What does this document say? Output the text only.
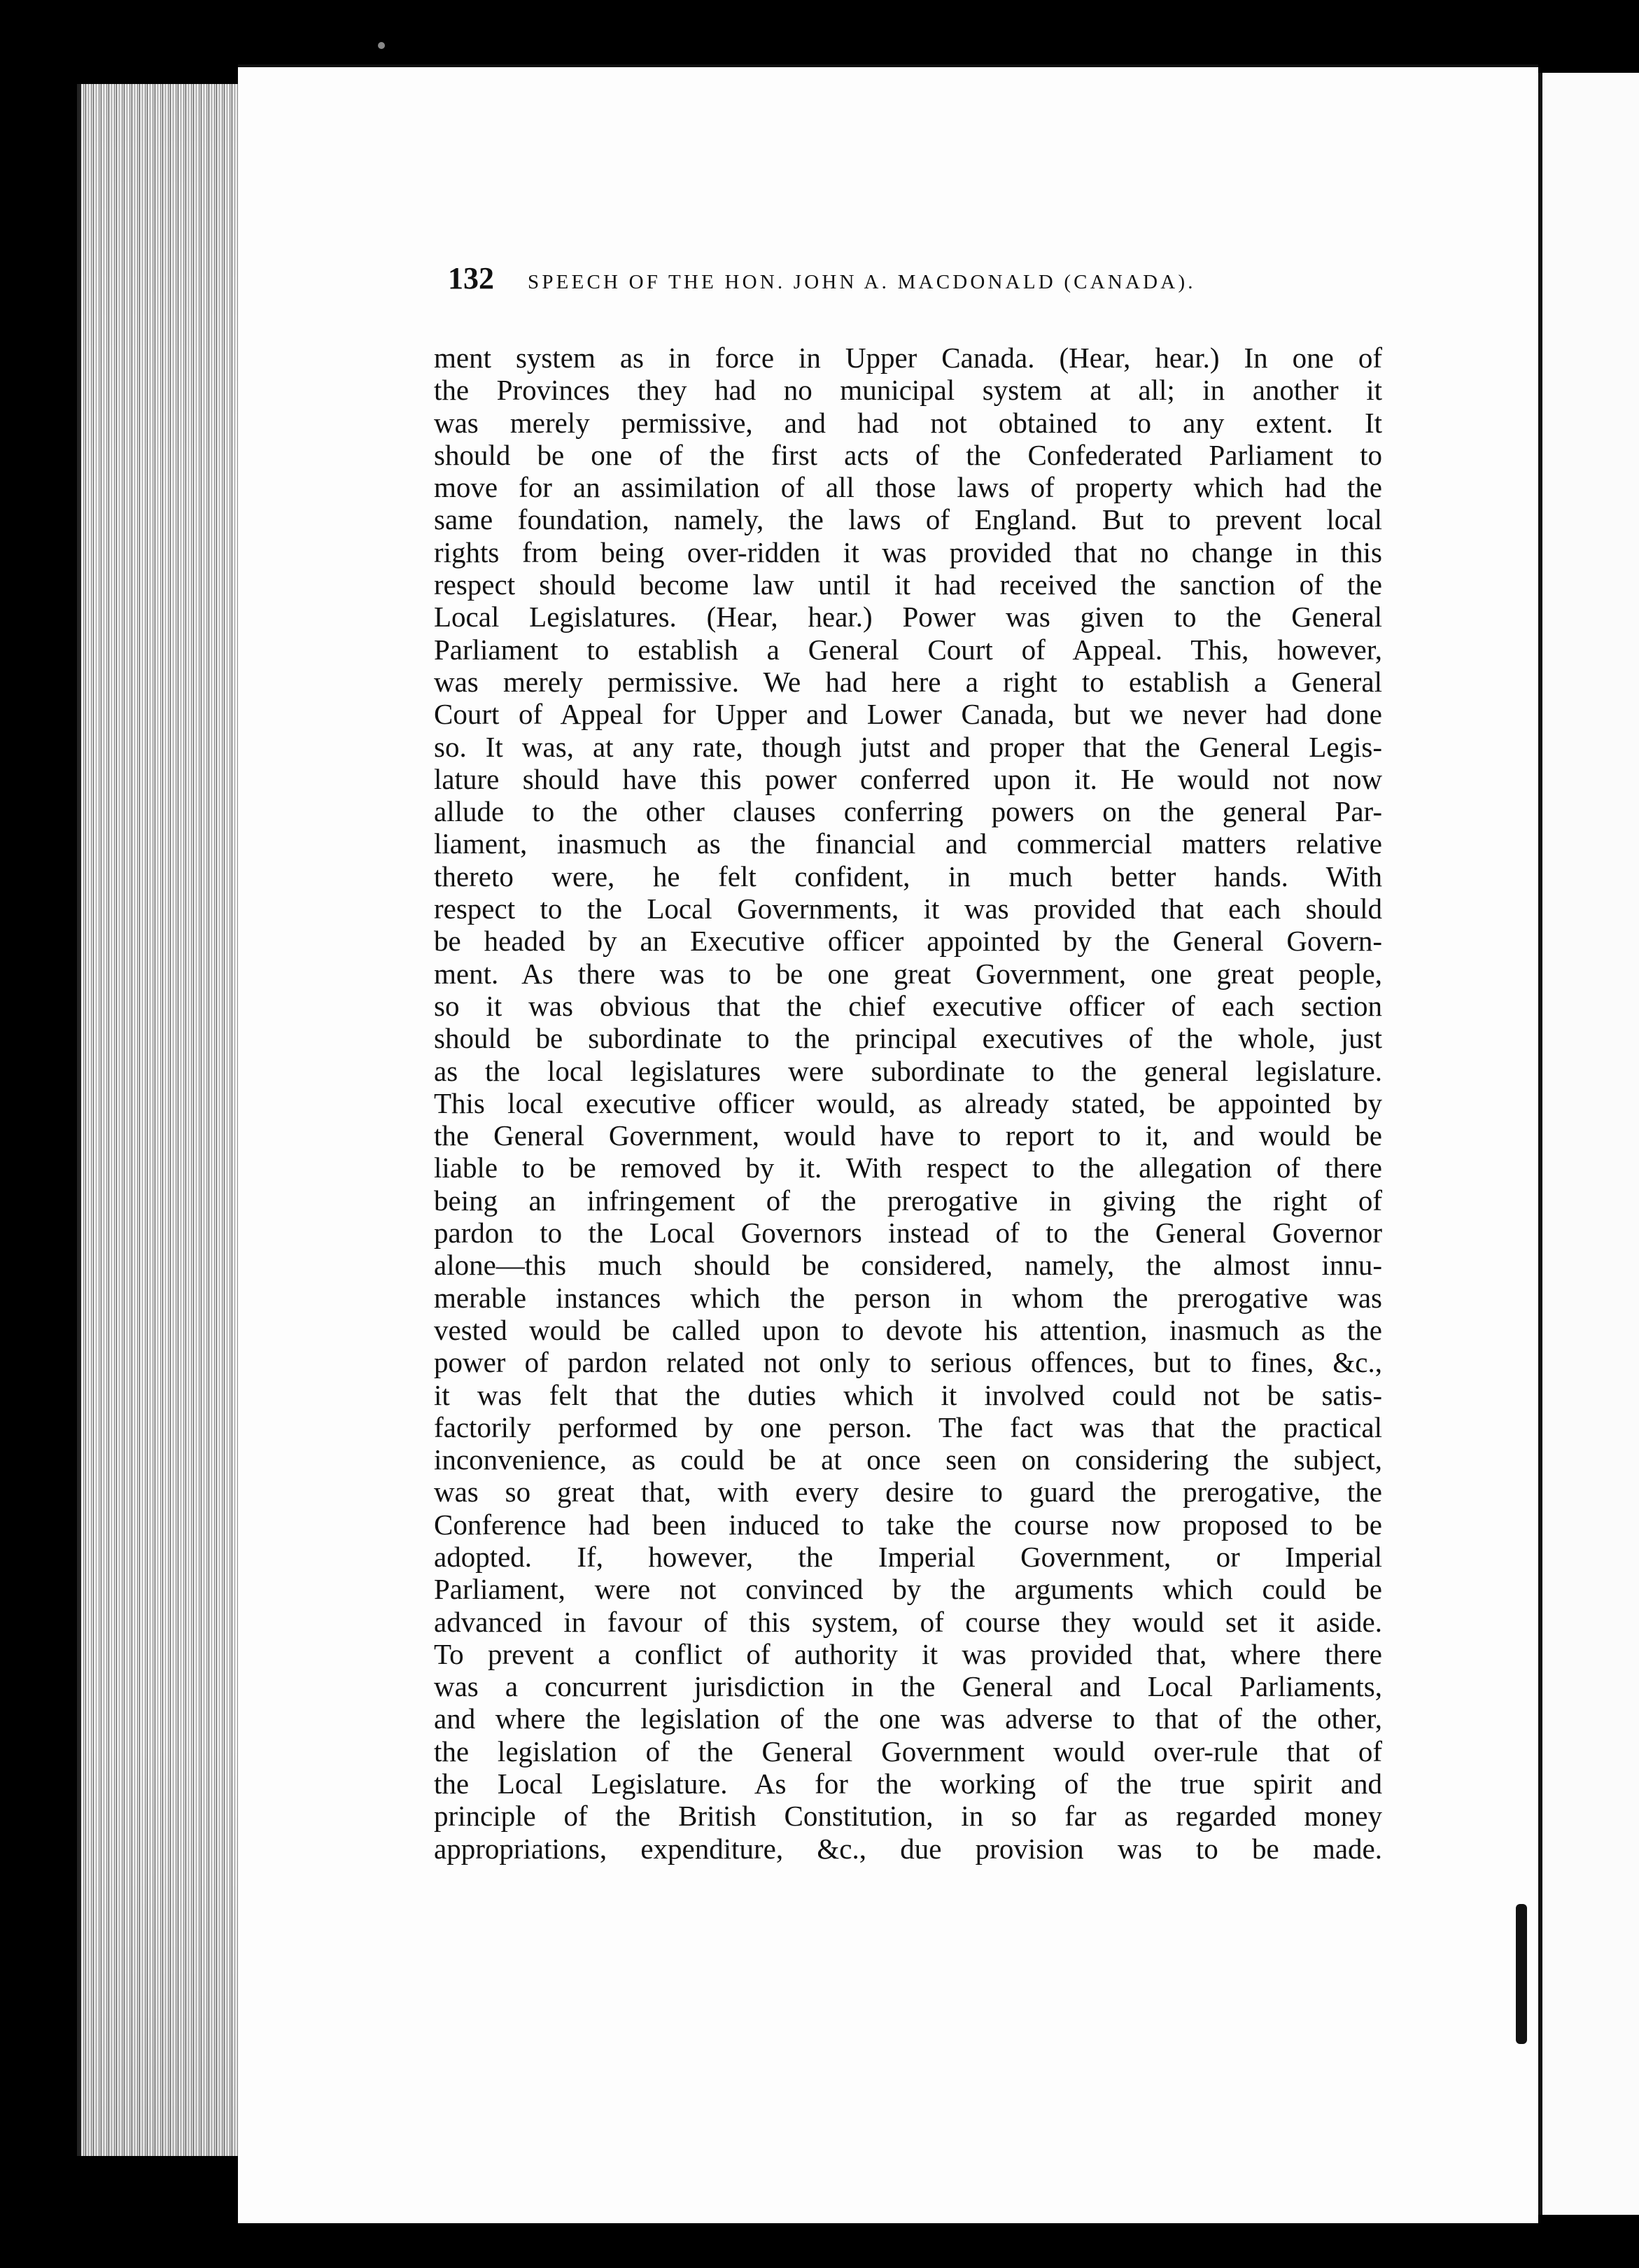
132 SPEECH OF THE HON. JOHN A. MACDONALD (CANADA).
ment system as in force in Upper Canada. (Hear, hear.) In one of
the Provinces they had no municipal system at all; in another it
was merely permissive, and had not obtained to any extent. It
should be one of the first acts of the Confederated Parliament to
move for an assimilation of all those laws of property which had the
same foundation, namely, the laws of England. But to prevent local
rights from being over-ridden it was provided that no change in this
respect should become law until it had received the sanction of the
Local Legislatures. (Hear, hear.) Power was given to the General
Parliament to establish a General Court of Appeal. This, however,
was merely permissive. We had here a right to establish a General
Court of Appeal for Upper and Lower Canada, but we never had done
so. It was, at any rate, though jutst and proper that the General Legis-
lature should have this power conferred upon it. He would not now
allude to the other clauses conferring powers on the general Par-
liament, inasmuch as the financial and commercial matters relative
thereto were, he felt confident, in much better hands. With
respect to the Local Governments, it was provided that each should
be headed by an Executive officer appointed by the General Govern-
ment. As there was to be one great Government, one great people,
so it was obvious that the chief executive officer of each section
should be subordinate to the principal executives of the whole, just
as the local legislatures were subordinate to the general legislature.
This local executive officer would, as already stated, be appointed by
the General Government, would have to report to it, and would be
liable to be removed by it. With respect to the allegation of there
being an infringement of the prerogative in giving the right of
pardon to the Local Governors instead of to the General Governor
alone—this much should be considered, namely, the almost innu-
merable instances which the person in whom the prerogative was
vested would be called upon to devote his attention, inasmuch as the
power of pardon related not only to serious offences, but to fines, &c.,
it was felt that the duties which it involved could not be satis-
factorily performed by one person. The fact was that the practical
inconvenience, as could be at once seen on considering the subject,
was so great that, with every desire to guard the prerogative, the
Conference had been induced to take the course now proposed to be
adopted. If, however, the Imperial Government, or Imperial
Parliament, were not convinced by the arguments which could be
advanced in favour of this system, of course they would set it aside.
To prevent a conflict of authority it was provided that, where there
was a concurrent jurisdiction in the General and Local Parliaments,
and where the legislation of the one was adverse to that of the other,
the legislation of the General Government would over-rule that of
the Local Legislature. As for the working of the true spirit and
principle of the British Constitution, in so far as regarded money
appropriations, expenditure, &c., due provision was to be made.
